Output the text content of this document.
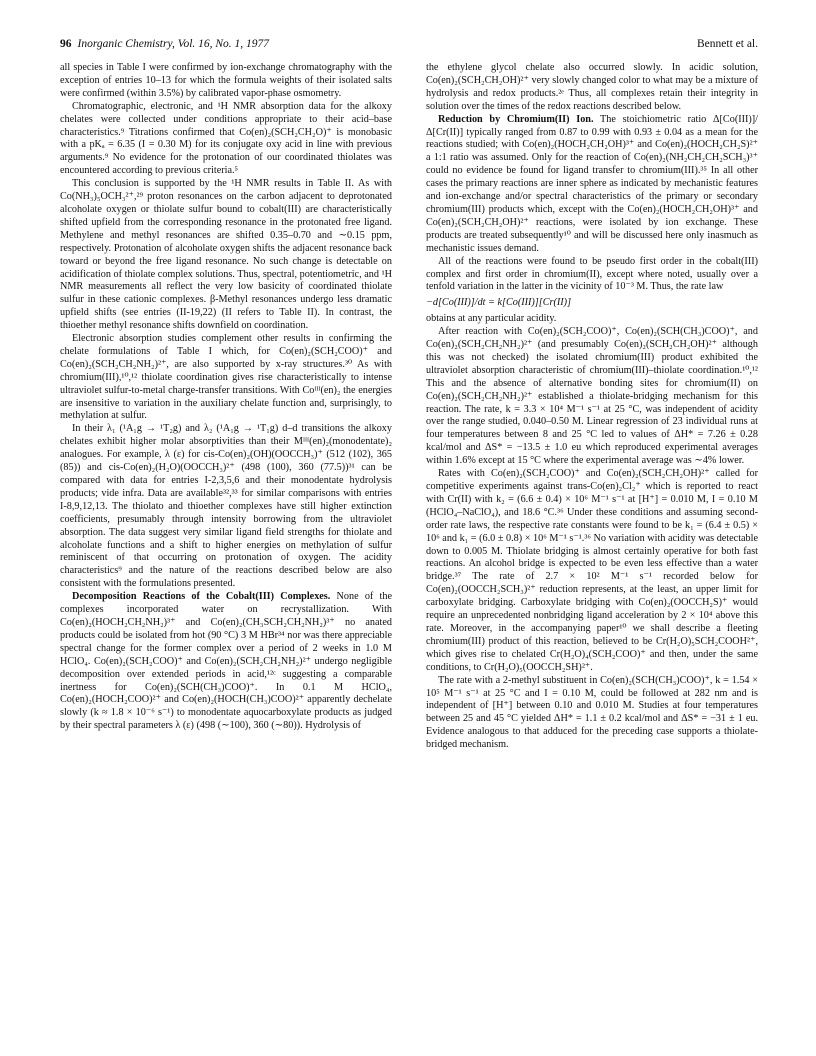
96 Inorganic Chemistry, Vol. 16, No. 1, 1977	Bennett et al.

all species in Table I were confirmed by ion-exchange chromatography with the exception of entries 10–13 for which the formula weights of their isolated salts were confirmed (within 3.5%) by calibrated vapor-phase osmometry.

Chromatographic, electronic, and ¹H NMR absorption data for the alkoxy chelates were collected under conditions appropriate to their acid–base characteristics.⁹ Titrations confirmed that Co(en)₂(SCH₂CH₂O)⁺ is monobasic with a pKₐ = 6.35 (I = 0.30 M) for its conjugate oxy acid in line with previous arguments.⁹ No evidence for the protonation of our coordinated thiolates was encountered according to previous criteria.⁵

This conclusion is supported by the ¹H NMR results in Table II. As with Co(NH₃)₅OCH₃²⁺,²⁹ proton resonances on the carbon adjacent to deprotonated alcoholate oxygen or thiolate sulfur bound to cobalt(III) are characteristically shifted upfield from the corresponding resonance in the protonated free ligand. Methylene and methyl resonances are shifted 0.35–0.70 and ∼0.15 ppm, respectively. Protonation of alcoholate oxygen shifts the adjacent resonance back toward or beyond the free ligand resonance. No such change is detectable on acidification of thiolate complex solutions. Thus, spectral, potentiometric, and ¹H NMR measurements all reflect the very low basicity of coordinated thiolate sulfur in these cationic complexes. β-Methyl resonances undergo less dramatic upfield shifts (see entries (II-19,22) (II refers to Table II). In contrast, the thioether methyl resonance shifts downfield on coordination.

Electronic absorption studies complement other results in confirming the chelate formulations of Table I which, for Co(en)₂(SCH₂COO)⁺ and Co(en)₂(SCH₂CH₂NH₂)²⁺, are also supported by x-ray structures.³⁰ As with chromium(III),¹⁰,¹² thiolate coordination gives rise characteristically to intense ultraviolet sulfur-to-metal charge-transfer transitions. With Coᴵᴵᴵ(en)₂ the energies are insensitive to variation in the auxiliary chelate function and, surprisingly, to methylation at sulfur.

In their λ₁ (¹A₁g → ¹T₂g) and λ₂ (¹A₁g → ¹T₁g) d–d transitions the alkoxy chelates exhibit higher molar absorptivities than their Mᴵᴵᴵ(en)₂(monodentate)₂ analogues. For example, λ (ε) for cis-Co(en)₂(OH)(OOCCH₃)⁺ (512 (102), 365 (85)) and cis-Co(en)₂(H₂O)(OOCCH₃)²⁺ (498 (100), 360 (77.5))³¹ can be compared with data for entries I-2,3,5,6 and their monodentate hydrolysis products; vide infra. Data are available³²,³³ for similar comparisons with entries I-8,9,12,13. The thiolato and thioether complexes have still higher extinction coefficients, presumably through intensity borrowing from the ultraviolet absorption. The data suggest very similar ligand field strengths for thiolate and alcoholate functions and a shift to higher energies on methylation of sulfur reminiscent of that occurring on protonation of oxygen. The acidity characteristics⁹ and the nature of the reactions described below are also consistent with the formulations presented.

Decomposition Reactions of the Cobalt(III) Complexes. None of the complexes incorporated water on recrystallization. With Co(en)₂(HOCH₂CH₂NH₂)³⁺ and Co(en)₂(CH₃SCH₂CH₂NH₂)³⁺ no anated products could be isolated from hot (90 °C) 3 M HBr³⁴ nor was there appreciable spectral change for the former complex over a period of 2 weeks in 1.0 M HClO₄. Co(en)₂(SCH₂COO)⁺ and Co(en)₂(SCH₂CH₂NH₂)²⁺ undergo negligible decomposition over extended periods in acid,¹²ᶜ suggesting a comparable inertness for Co(en)₂(SCH(CH₃)COO)⁺. In 0.1 M HClO₄, Co(en)₂(HOCH₂COO)²⁺ and Co(en)₂(HOCH(CH₃)COO)²⁺ apparently dechelate slowly (k ≈ 1.8 × 10⁻⁶ s⁻¹) to monodentate aquocarboxylate products as judged by their spectral parameters λ (ε) (498 (∼100), 360 (∼80)). Hydrolysis of

the ethylene glycol chelate also occurred slowly. In acidic solution, Co(en)₂(SCH₂CH₂OH)²⁺ very slowly changed color to what may be a mixture of hydrolysis and redox products.²ᵉ Thus, all complexes retain their integrity in solution over the times of the redox reactions described below.

Reduction by Chromium(II) Ion. The stoichiometric ratio Δ[Co(III)]/Δ[Cr(II)] typically ranged from 0.87 to 0.99 with 0.93 ± 0.04 as a mean for the reactions studied; with Co(en)₂(HOCH₂CH₂OH)³⁺ and Co(en)₂(HOCH₂CH₂S)²⁺ a 1:1 ratio was assumed. Only for the reaction of Co(en)₂(NH₂CH₂CH₂SCH₃)³⁺ could no evidence be found for ligand transfer to chromium(III).³⁵ In all other cases the primary reactions are inner sphere as indicated by mechanistic features and ion-exchange and/or spectral characteristics of the primary or secondary chromium(III) products which, except with the Co(en)₂(HOCH₂CH₂OH)³⁺ and Co(en)₂(SCH₂CH₂OH)²⁺ reactions, were isolated by ion exchange. These products are treated subsequently¹⁰ and will be discussed here only inasmuch as mechanistic issues demand.

All of the reactions were found to be pseudo first order in the cobalt(III) complex and first order in chromium(II), except where noted, usually over a tenfold variation in the latter in the vicinity of 10⁻³ M. Thus, the rate law

−d[Co(III)]/dt = k[Co(III)][Cr(II)]

obtains at any particular acidity.

After reaction with Co(en)₂(SCH₂COO)⁺, Co(en)₂(SCH(CH₃)COO)⁺, and Co(en)₂(SCH₂CH₂NH₂)²⁺ (and presumably Co(en)₂(SCH₂CH₂OH)²⁺ although this was not checked) the isolated chromium(III) product exhibited the ultraviolet absorption characteristic of chromium(III)–thiolate coordination.¹⁰,¹² This and the absence of alternative bonding sites for chromium(II) on Co(en)₂(SCH₂CH₂NH₂)²⁺ established a thiolate-bridging mechanism for this reaction. The rate, k = 3.3 × 10⁴ M⁻¹ s⁻¹ at 25 °C, was independent of acidity over the range studied, 0.040–0.50 M. Linear regression of 23 individual runs at four temperatures between 8 and 25 °C led to values of ΔH* = 7.26 ± 0.28 kcal/mol and ΔS* = −13.5 ± 1.0 eu which reproduced experimental averages within 1.6% except at 15 °C where the experimental average was ∼4% lower.

Rates with Co(en)₂(SCH₂COO)⁺ and Co(en)₂(SCH₂CH₂OH)²⁺ called for competitive experiments against trans-Co(en)₂Cl₂⁺ which is reported to react with Cr(II) with k₂ = (6.6 ± 0.4) × 10⁶ M⁻¹ s⁻¹ at [H⁺] = 0.010 M, I = 0.10 M (HClO₄–NaClO₄), and 18.6 °C.³⁶ Under these conditions and assuming second-order rate laws, the respective rate constants were found to be k₁ = (6.4 ± 0.5) × 10⁶ and k₁ = (6.0 ± 0.8) × 10⁶ M⁻¹ s⁻¹.³⁶ No variation with acidity was detectable down to 0.005 M. Thiolate bridging is almost certainly operative for both fast reactions. An alcohol bridge is expected to be even less effective than a water bridge.³⁷ The rate of 2.7 × 10² M⁻¹ s⁻¹ recorded below for Co(en)₂(OOCCH₂SCH₃)²⁺ reduction represents, at the least, an upper limit for carboxylate bridging. Carboxylate bridging with Co(en)₂(OOCCH₂S)⁺ would require an unprecedented nonbridging ligand acceleration by 2 × 10⁴ above this rate. Moreover, in the accompanying paper¹⁰ we shall describe a fleeting chromium(III) product of this reaction, believed to be Cr(H₂O)₅SCH₂COOH²⁺, which gives rise to chelated Cr(H₂O)₄(SCH₂COO)⁺ and then, under the same conditions, to Cr(H₂O)₅(OOCCH₂SH)²⁺.

The rate with a 2-methyl substituent in Co(en)₂(SCH(CH₃)COO)⁺, k = 1.54 × 10⁵ M⁻¹ s⁻¹ at 25 °C and I = 0.10 M, could be followed at 282 nm and is independent of [H⁺] between 0.10 and 0.010 M. Studies at four temperatures between 25 and 45 °C yielded ΔH* = 1.1 ± 0.2 kcal/mol and ΔS* = −31 ± 1 eu. Evidence analogous to that adduced for the preceding case supports a thiolate-bridged mechanism.
